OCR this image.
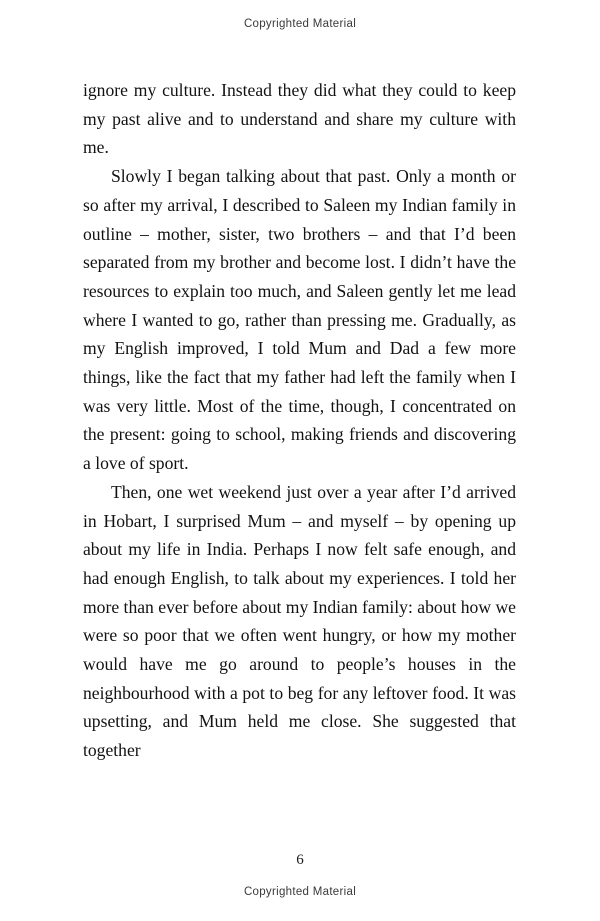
Copyrighted Material

ignore my culture. Instead they did what they could to keep my past alive and to understand and share my culture with me.

Slowly I began talking about that past. Only a month or so after my arrival, I described to Saleen my Indian family in outline – mother, sister, two brothers – and that I’d been separated from my brother and become lost. I didn’t have the resources to explain too much, and Saleen gently let me lead where I wanted to go, rather than pressing me. Gradually, as my English improved, I told Mum and Dad a few more things, like the fact that my father had left the family when I was very little. Most of the time, though, I concentrated on the present: going to school, making friends and discovering a love of sport.

Then, one wet weekend just over a year after I’d arrived in Hobart, I surprised Mum – and myself – by opening up about my life in India. Perhaps I now felt safe enough, and had enough English, to talk about my experiences. I told her more than ever before about my Indian family: about how we were so poor that we often went hungry, or how my mother would have me go around to people’s houses in the neighbourhood with a pot to beg for any leftover food. It was upsetting, and Mum held me close. She suggested that together

6
Copyrighted Material
